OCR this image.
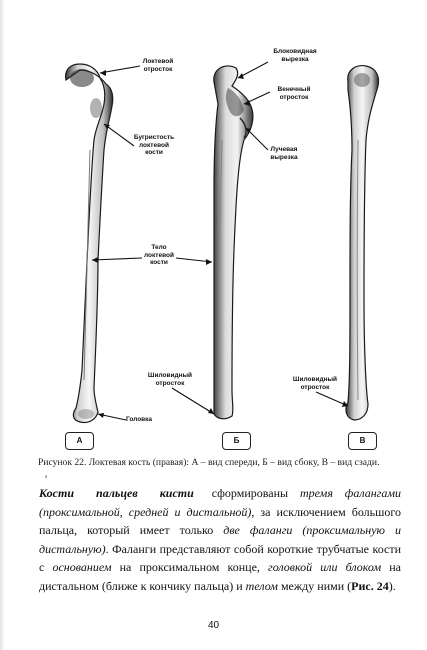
Локтевой
отросток
Бугристость
локтевой
кости
Тело
локтевой
кости
Шиловидный
отросток
Головка
Блоковидная
вырезка
Венечный
отросток
Лучевая
вырезка
Шиловидный
отросток
А	Б	В
Рисунок 22. Локтевая кость (правая): А – вид спереди, Б – вид сбоку, В – вид сзади.
s

Кости пальцев кисти сформированы тремя фалангами (проксимальной, средней и дистальной), за исключением большого пальца, который имеет только две фаланги (проксимальную и дистальную). Фаланги представляют собой короткие трубчатые кости с основанием на проксимальном конце, головкой или блоком на дистальном (ближе к кончику пальца) и телом между ними (Рис. 24).

40
